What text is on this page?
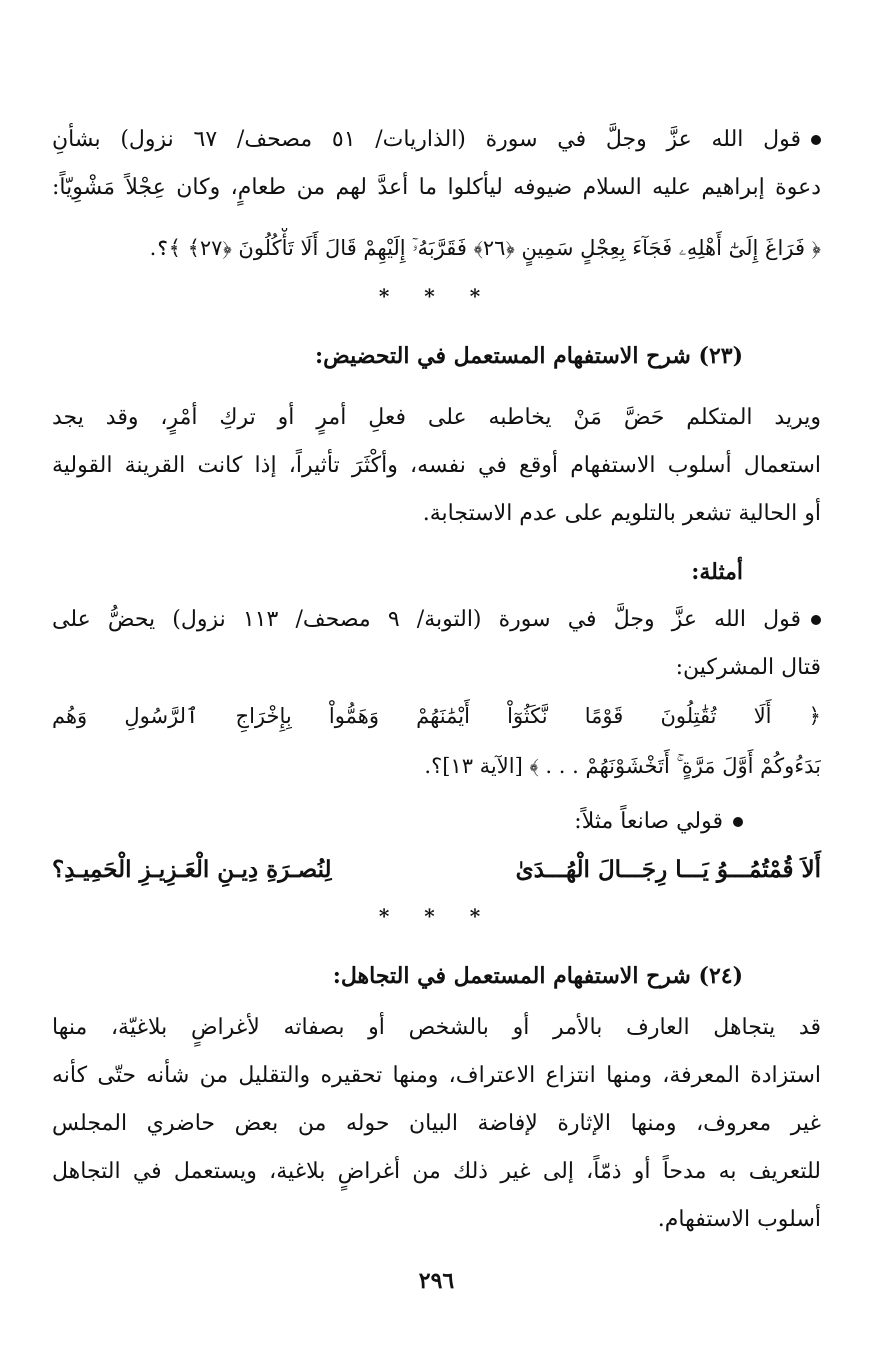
قول الله عزَّ وجلَّ في سورة (الذاريات/ ٥١ مصحف/ ٦٧ نزول) بشأنِ
دعوة إبراهيم عليه السلام ضيوفه ليأكلوا ما أعدَّ لهم من طعامٍ، وكان عِجْلاً مَشْوِيّاً:
﴿ فَرَاغَ إِلَىٰٓ أَهْلِهِۦ فَجَآءَ بِعِجْلٍ سَمِينٍ ﴿٢٦﴾ فَقَرَّبَهُۥٓ إِلَيْهِمْ قَالَ أَلَا تَأْكُلُونَ ﴿٢٧﴾ ﴾؟.
* * *
(٢٣) شرح الاستفهام المستعمل في التحضيض:
ويريد المتكلم حَضَّ مَنْ يخاطبه على فعلِ أمرٍ أو تركِ أمْرٍ، وقد يجد
استعمال أسلوب الاستفهام أوقع في نفسه، وأكْثَرَ تأثيراً، إذا كانت القرينة القولية
أو الحالية تشعر بالتلويم على عدم الاستجابة.
أمثلة:
قول الله عزَّ وجلَّ في سورة (التوبة/ ٩ مصحف/ ١١٣ نزول) يحضُّ على
قتال المشركين:
﴿ أَلَا تُقَٰتِلُونَ قَوْمًا نَّكَثُوٓاْ أَيْمَٰنَهُمْ وَهَمُّواْ بِإِخْرَاجِ ٱلرَّسُولِ وَهُم
بَدَءُوكُمْ أَوَّلَ مَرَّةٍ ۚ أَتَخْشَوْنَهُمْ . . . ﴾ [الآية ١٣]؟.
قولي صانعاً مثلاً:
أَلاَ قُمْتُمُـــوُ يَـــا رِجَـــالَ الْهُـــدَىٰ
لِنُصـرَةِ دِيـنِ الْعَـزِيـزِ الْحَمِيـدِ؟
* * *
(٢٤) شرح الاستفهام المستعمل في التجاهل:
قد يتجاهل العارف بالأمر أو بالشخص أو بصفاته لأغراضٍ بلاغيّة، منها
استزادة المعرفة، ومنها انتزاع الاعتراف، ومنها تحقيره والتقليل من شأنه حتّى كأنه
غير معروف، ومنها الإثارة لإفاضة البيان حوله من بعض حاضري المجلس
للتعريف به مدحاً أو ذمّاً، إلى غير ذلك من أغراضٍ بلاغية، ويستعمل في التجاهل
أسلوب الاستفهام.
٢٩٦
